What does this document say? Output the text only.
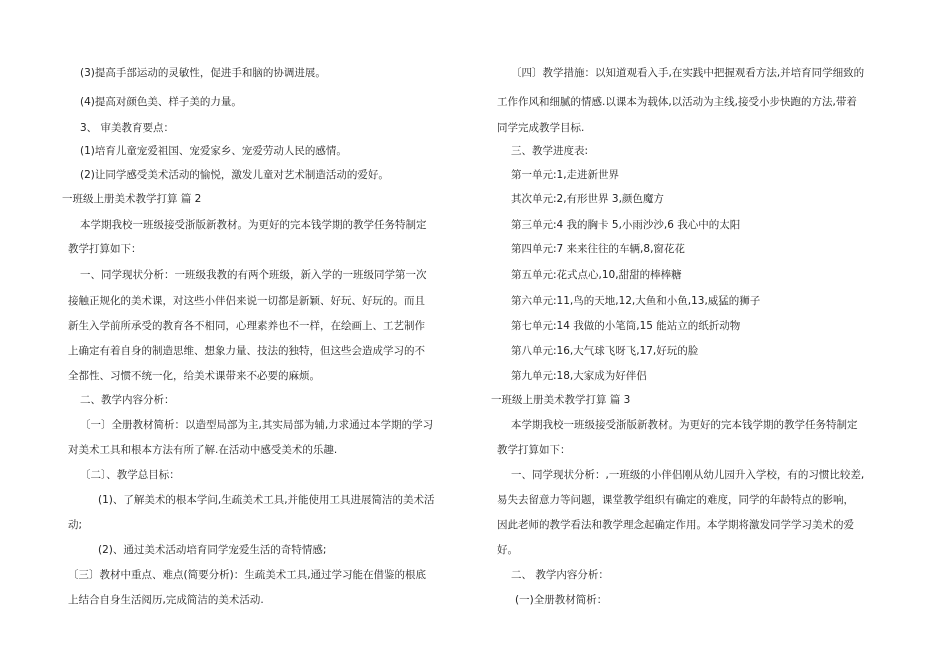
(3)提高手部运动的灵敏性，促进手和脑的协调进展。
(4)提高对颜色美、样子美的力量。
3、 审美教育要点：
(1)培育儿童宠爱祖国、宠爱家乡、宠爱劳动人民的感情。
(2)让同学感受美术活动的愉悦，激发儿童对艺术制造活动的爱好。
一班级上册美术教学打算 篇 2
本学期我校一班级接受浙版新教材。为更好的完本钱学期的教学任务特制定
教学打算如下：
一、同学现状分析：一班级我教的有两个班级，新入学的一班级同学第一次
接触正规化的美术课，对这些小伴侣来说一切都是新颖、好玩、好玩的。而且
新生入学前所承受的教育各不相同，心理素养也不一样，在绘画上、工艺制作
上确定有着自身的制造思维、想象力量、技法的独特，但这些会造成学习的不
全都性、习惯不统一化，给美术课带来不必要的麻烦。
二、教学内容分析：
〔一〕全册教材简析：以造型局部为主,其实局部为辅,力求通过本学期的学习
对美术工具和根本方法有所了解.在活动中感受美术的乐趣.
〔二〕、教学总目标：
(1)、了解美术的根本学问,生疏美术工具,并能使用工具进展简洁的美术活
动;
(2)、通过美术活动培育同学宠爱生活的奇特情感;
〔三〕教材中重点、难点(简要分析)：生疏美术工具,通过学习能在借鉴的根底
上结合自身生活阅历,完成简洁的美术活动.
〔四〕教学措施：以知道观看入手,在实践中把握观看方法,并培育同学细致的
工作作风和细腻的情感.以课本为载体,以活动为主线,接受小步快跑的方法,带着
同学完成教学目标.
三、教学进度表:
第一单元:1,走进新世界
其次单元:2,有形世界 3,颜色魔方
第三单元:4 我的胸卡 5,小雨沙沙,6 我心中的太阳
第四单元:7 来来往往的车辆,8,窗花花
第五单元:花式点心,10,甜甜的棒棒糖
第六单元:11,鸟的天地,12,大鱼和小鱼,13,威猛的狮子
第七单元:14 我做的小笔筒,15 能站立的纸折动物
第八单元:16,大气球飞呀飞,17,好玩的脸
第九单元:18,大家成为好伴侣
一班级上册美术教学打算 篇 3
本学期我校一班级接受浙版新教材。为更好的完本钱学期的教学任务特制定
教学打算如下：
一、同学现状分析：,一班级的小伴侣刚从幼儿园升入学校，有的习惯比较差,
易失去留意力等问题，课堂教学组织有确定的难度，同学的年龄特点的影响，
因此老师的教学看法和教学理念起确定作用。本学期将激发同学学习美术的爱
好。
二、 教学内容分析：
(一)全册教材简析：
